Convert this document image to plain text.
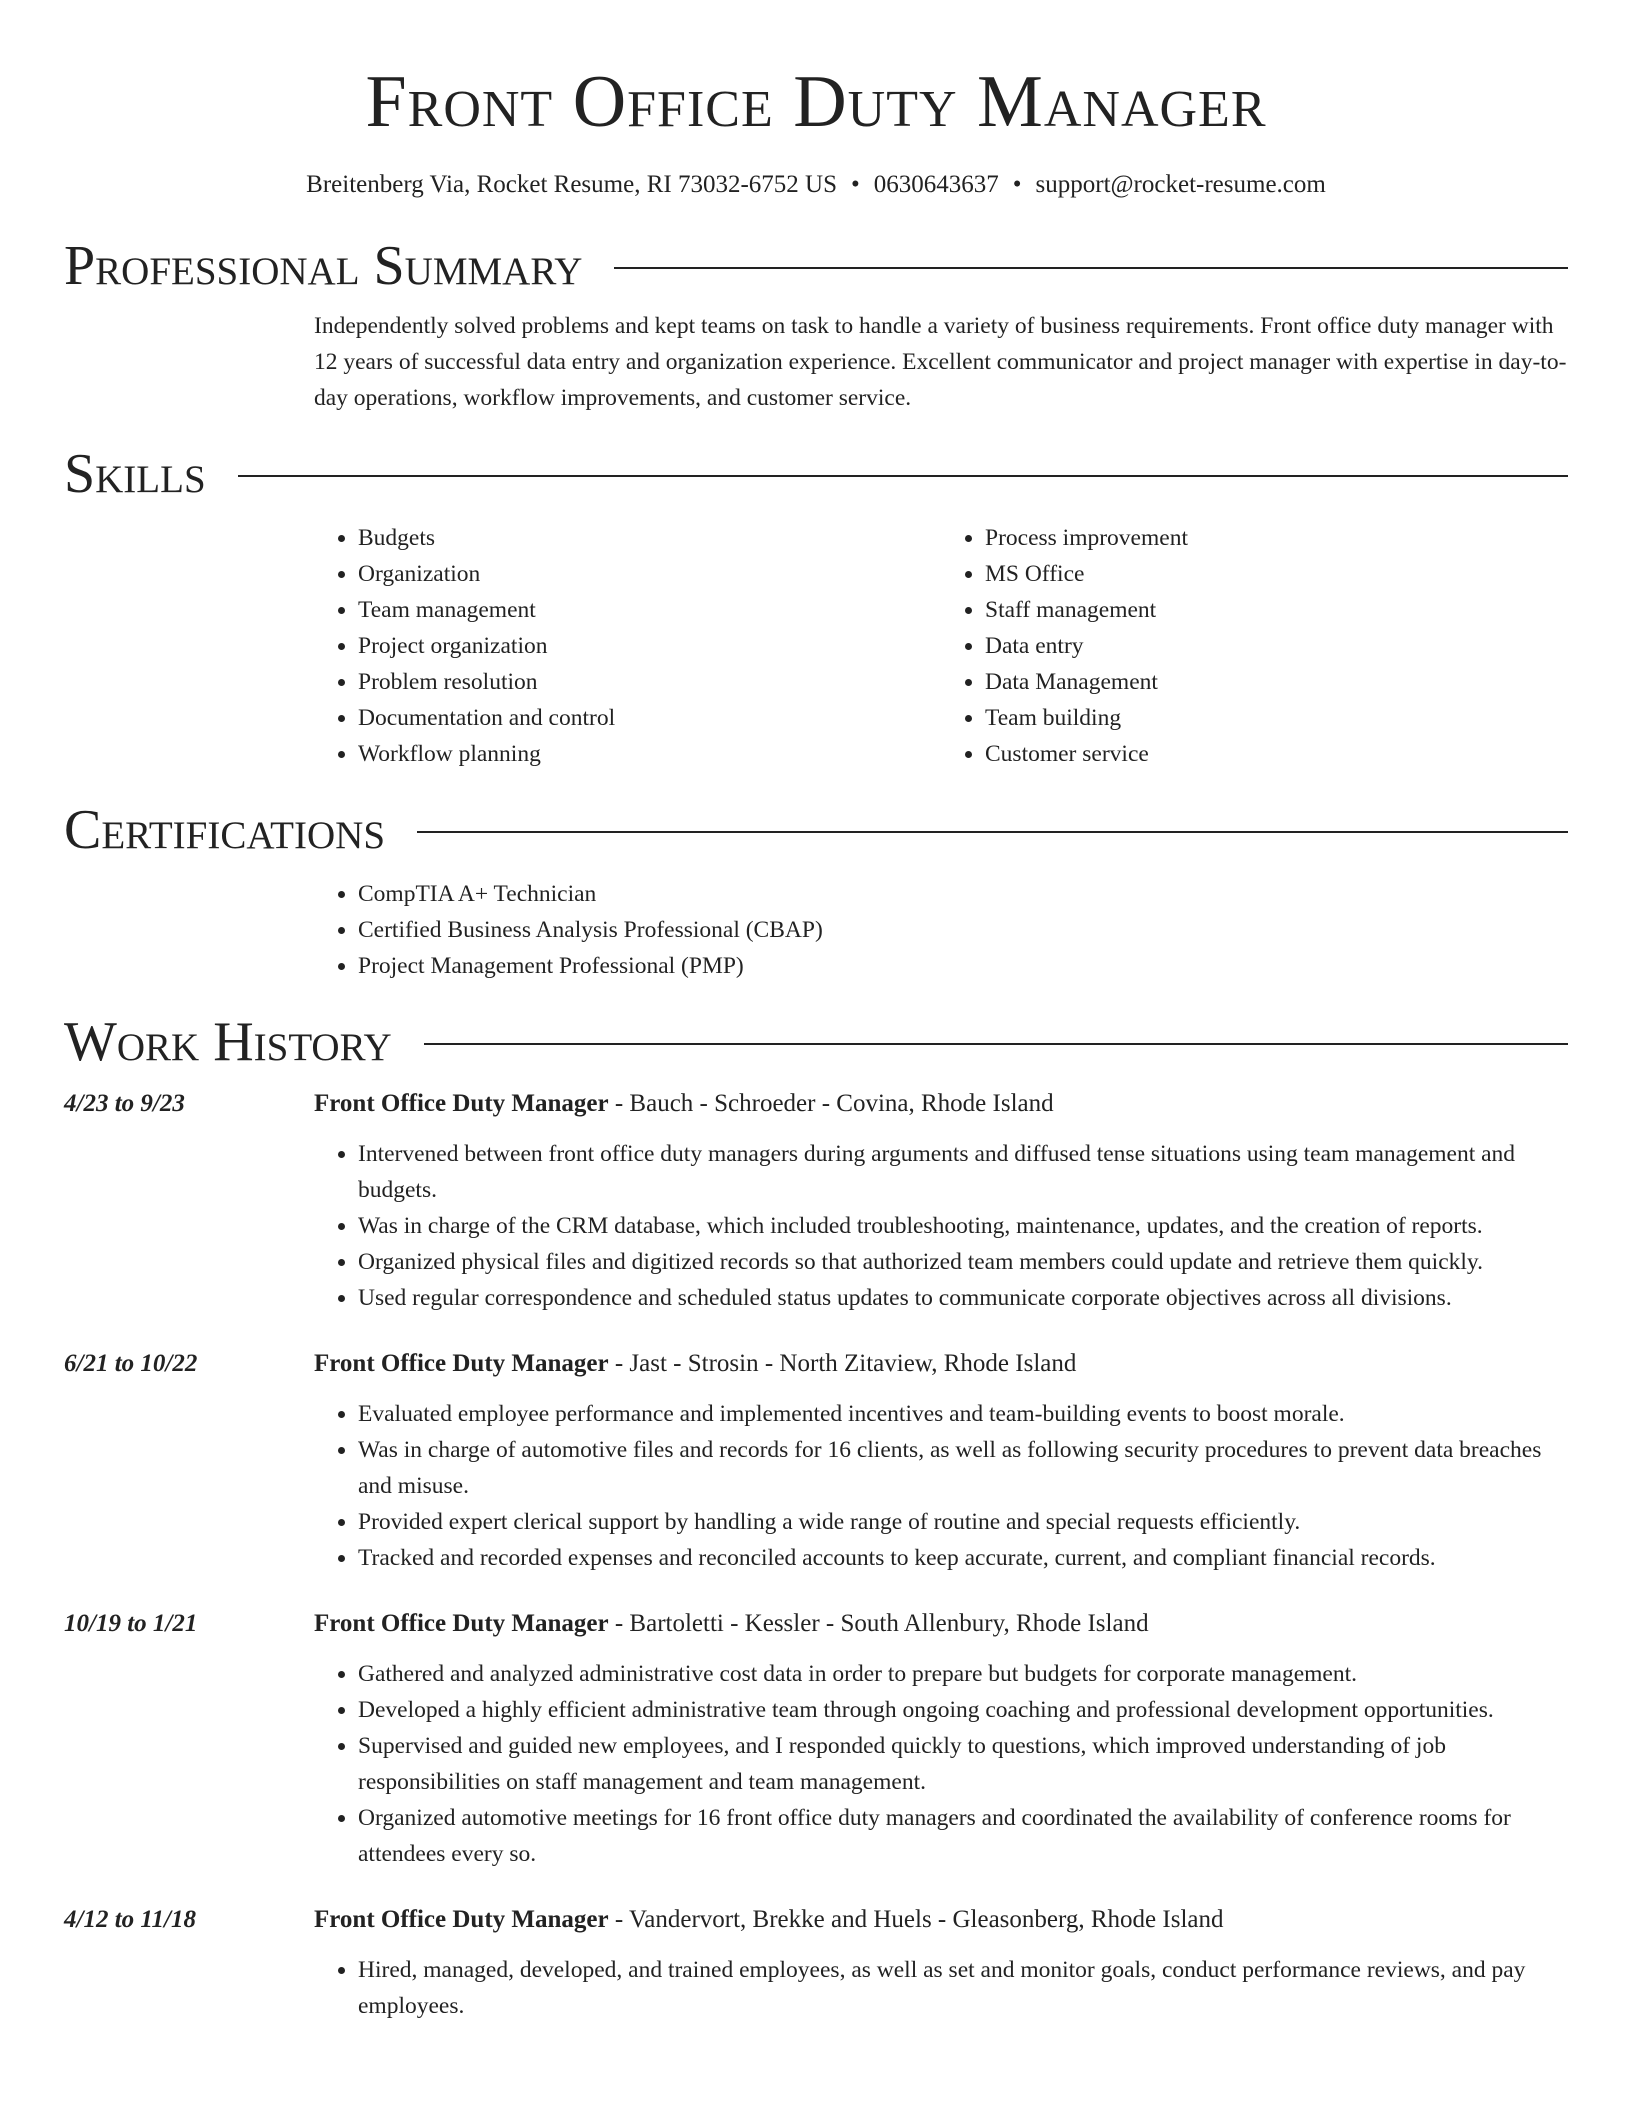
Front Office Duty Manager
Breitenberg Via, Rocket Resume, RI 73032-6752 US • 0630643637 • support@rocket-resume.com
Professional Summary

Independently solved problems and kept teams on task to handle a variety of business requirements. Front office duty manager with 12 years of successful data entry and organization experience. Excellent communicator and project manager with expertise in day-to-day operations, workflow improvements, and customer service.

Skills
• Budgets
• Organization
• Team management
• Project organization
• Problem resolution
• Documentation and control
• Workflow planning
• Process improvement
• MS Office
• Staff management
• Data entry
• Data Management
• Team building
• Customer service
Certifications
• CompTIA A+ Technician
• Certified Business Analysis Professional (CBAP)
• Project Management Professional (PMP)
Work History
4/23 to 9/23	Front Office Duty Manager - Bauch - Schroeder - Covina, Rhode Island

• Intervened between front office duty managers during arguments and diffused tense situations using team management and budgets.
• Was in charge of the CRM database, which included troubleshooting, maintenance, updates, and the creation of reports.
• Organized physical files and digitized records so that authorized team members could update and retrieve them quickly.
• Used regular correspondence and scheduled status updates to communicate corporate objectives across all divisions.
6/21 to 10/22	Front Office Duty Manager - Jast - Strosin - North Zitaview, Rhode Island

• Evaluated employee performance and implemented incentives and team-building events to boost morale.
• Was in charge of automotive files and records for 16 clients, as well as following security procedures to prevent data breaches and misuse.
• Provided expert clerical support by handling a wide range of routine and special requests efficiently.
• Tracked and recorded expenses and reconciled accounts to keep accurate, current, and compliant financial records.
10/19 to 1/21	Front Office Duty Manager - Bartoletti - Kessler - South Allenbury, Rhode Island

• Gathered and analyzed administrative cost data in order to prepare but budgets for corporate management.
• Developed a highly efficient administrative team through ongoing coaching and professional development opportunities.
• Supervised and guided new employees, and I responded quickly to questions, which improved understanding of job responsibilities on staff management and team management.
• Organized automotive meetings for 16 front office duty managers and coordinated the availability of conference rooms for attendees every so.
4/12 to 11/18	Front Office Duty Manager - Vandervort, Brekke and Huels - Gleasonberg, Rhode Island

• Hired, managed, developed, and trained employees, as well as set and monitor goals, conduct performance reviews, and pay employees.
